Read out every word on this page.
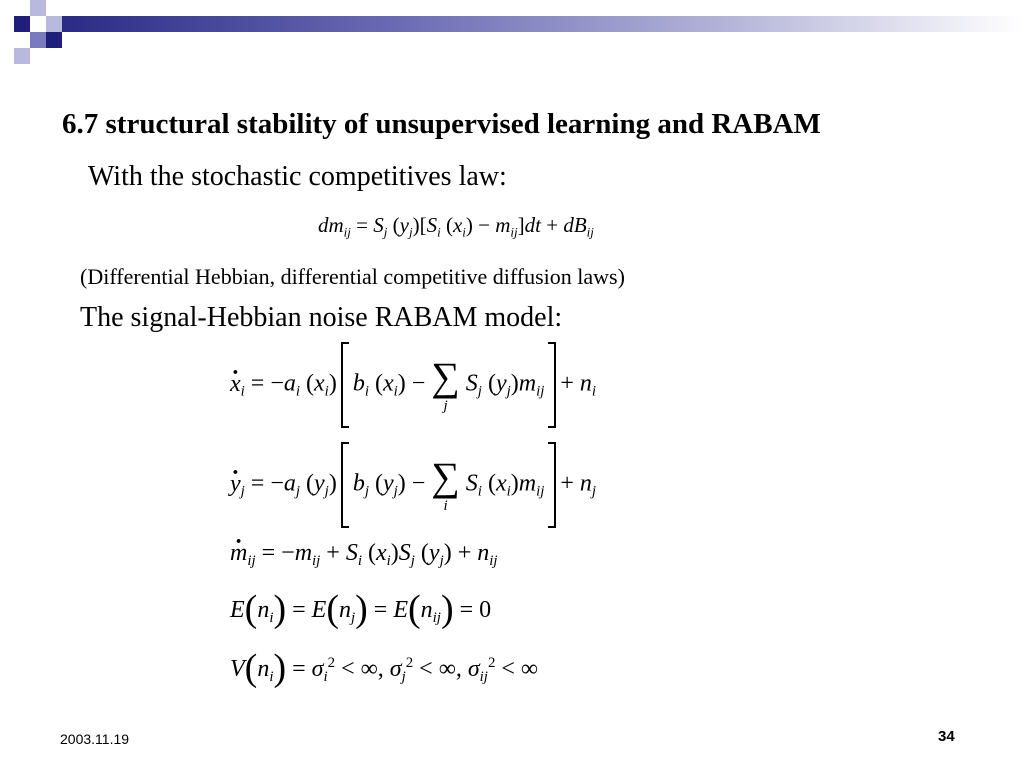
6.7 structural stability of unsupervised learning and RABAM
With the stochastic competitives law:
$dm_{ij} = S_j$ $(y_j)[S_i$ $(x_i) - m_{ij}]dt + dB_{ij}$
(Differential Hebbian, differential competitive diffusion laws)
The signal-Hebbian noise RABAM model:
$x \cdot_i = -a_i$ $(x_i)$ $b_i$ $(x_i)$ − ∑
j
$S_j$ $(y_j)m_{ij} + n_i$
$y \cdot_j = -a_j$ $(y_j)$ $b_j$ $(y_j)$ − ∑
i
$S_i$ $(x_i)m_{ij} + n_j$
$m \cdot_{ij} = -m_{ij} + S_i$ $(x_i)S_j$ $(y_j) + n_{ij}$
$E(n_i) = E(n_j) = E(n_{ij}) = 0$
$V(n_i) = \sigma_i^2$ < ∞, $\sigma_j^2$ < ∞, $\sigma_{ij}^2$ < ∞
2003.11.19	34
